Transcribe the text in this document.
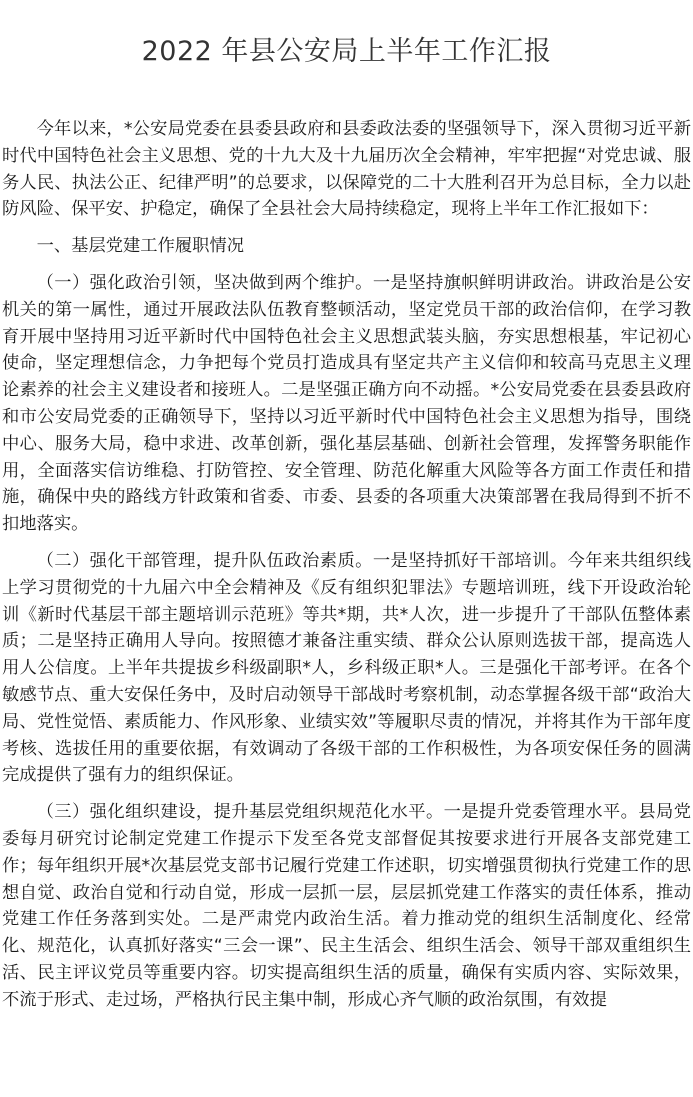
2022 年县公安局上半年工作汇报

今年以来，*公安局党委在县委县政府和县委政法委的坚强领导下，深入贯彻习近平新时代中国特色社会主义思想、党的十九大及十九届历次全会精神，牢牢把握“对党忠诚、服务人民、执法公正、纪律严明”的总要求，以保障党的二十大胜利召开为总目标，全力以赴防风险、保平安、护稳定，确保了全县社会大局持续稳定，现将上半年工作汇报如下：

一、基层党建工作履职情况

（一）强化政治引领，坚决做到两个维护。一是坚持旗帜鲜明讲政治。讲政治是公安机关的第一属性，通过开展政法队伍教育整顿活动，坚定党员干部的政治信仰，在学习教育开展中坚持用习近平新时代中国特色社会主义思想武装头脑，夯实思想根基，牢记初心使命，坚定理想信念，力争把每个党员打造成具有坚定共产主义信仰和较高马克思主义理论素养的社会主义建设者和接班人。二是坚强正确方向不动摇。*公安局党委在县委县政府和市公安局党委的正确领导下，坚持以习近平新时代中国特色社会主义思想为指导，围绕中心、服务大局，稳中求进、改革创新，强化基层基础、创新社会管理，发挥警务职能作用，全面落实信访维稳、打防管控、安全管理、防范化解重大风险等各方面工作责任和措施，确保中央的路线方针政策和省委、市委、县委的各项重大决策部署在我局得到不折不扣地落实。

（二）强化干部管理，提升队伍政治素质。一是坚持抓好干部培训。今年来共组织线上学习贯彻党的十九届六中全会精神及《反有组织犯罪法》专题培训班，线下开设政治轮训《新时代基层干部主题培训示范班》等共*期，共*人次，进一步提升了干部队伍整体素质；二是坚持正确用人导向。按照德才兼备注重实绩、群众公认原则选拔干部，提高选人用人公信度。上半年共提拔乡科级副职*人，乡科级正职*人。三是强化干部考评。在各个敏感节点、重大安保任务中，及时启动领导干部战时考察机制，动态掌握各级干部“政治大局、党性觉悟、素质能力、作风形象、业绩实效”等履职尽责的情况，并将其作为干部年度考核、选拔任用的重要依据，有效调动了各级干部的工作积极性，为各项安保任务的圆满完成提供了强有力的组织保证。

（三）强化组织建设，提升基层党组织规范化水平。一是提升党委管理水平。县局党委每月研究讨论制定党建工作提示下发至各党支部督促其按要求进行开展各支部党建工作；每年组织开展*次基层党支部书记履行党建工作述职，切实增强贯彻执行党建工作的思想自觉、政治自觉和行动自觉，形成一层抓一层，层层抓党建工作落实的责任体系，推动党建工作任务落到实处。二是严肃党内政治生活。着力推动党的组织生活制度化、经常化、规范化，认真抓好落实“三会一课”、民主生活会、组织生活会、领导干部双重组织生活、民主评议党员等重要内容。切实提高组织生活的质量，确保有实质内容、实际效果，不流于形式、走过场，严格执行民主集中制，形成心齐气顺的政治氛围，有效提
